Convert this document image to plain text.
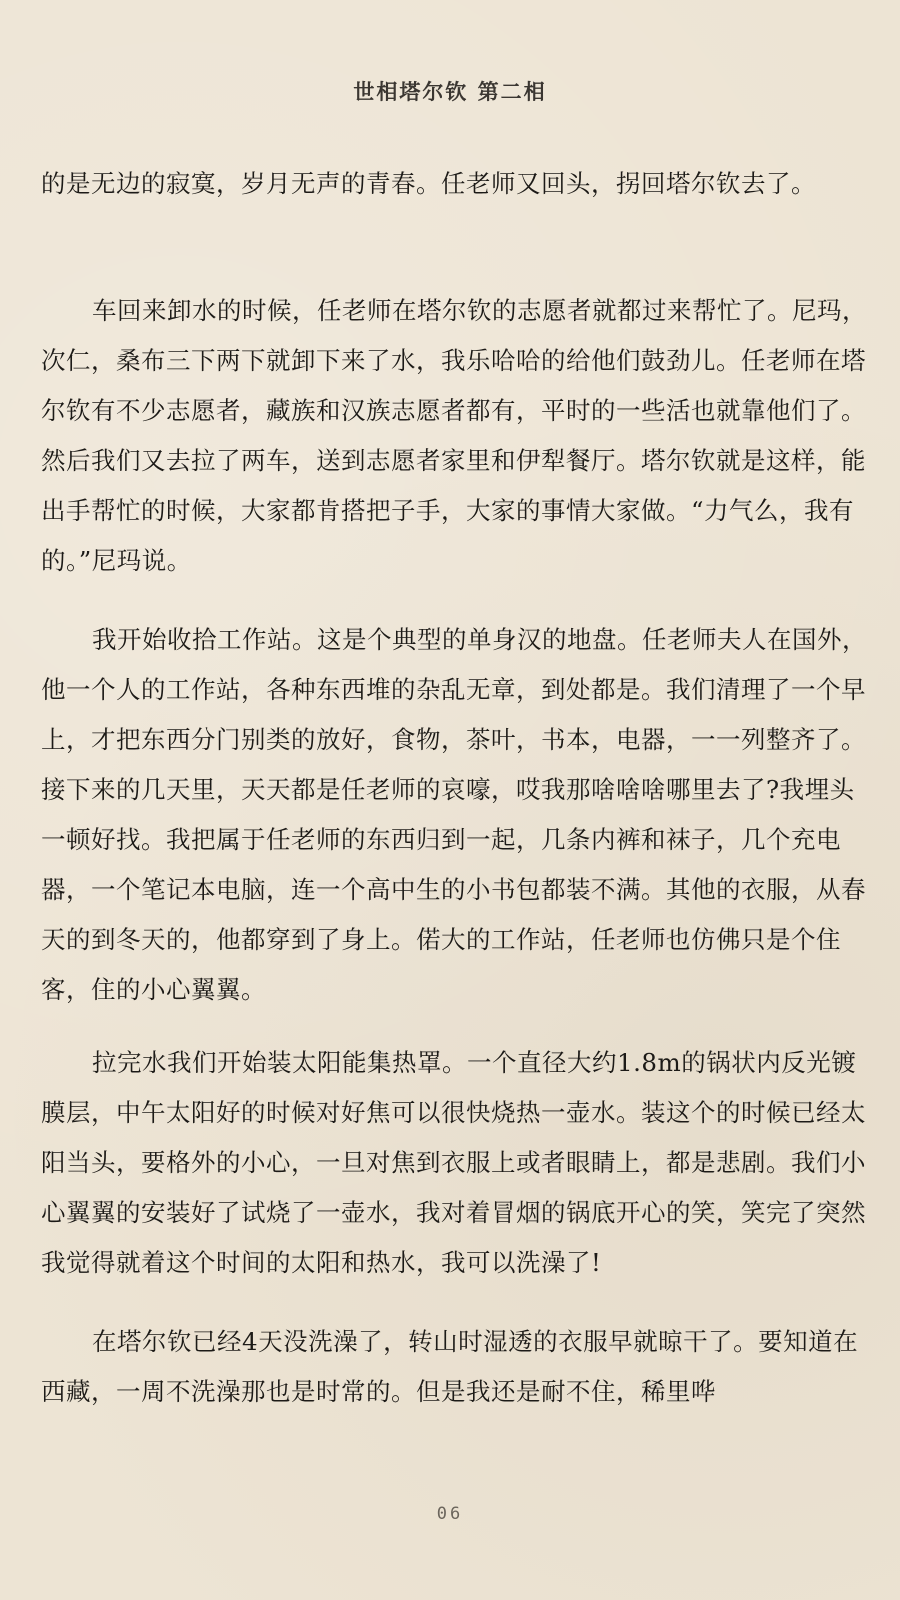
世相塔尔钦 第二相

的是无边的寂寞，岁月无声的青春。任老师又回头，拐回塔尔钦去了。

车回来卸水的时候，任老师在塔尔钦的志愿者就都过来帮忙了。尼玛，次仁，桑布三下两下就卸下来了水，我乐哈哈的给他们鼓劲儿。任老师在塔尔钦有不少志愿者，藏族和汉族志愿者都有，平时的一些活也就靠他们了。然后我们又去拉了两车，送到志愿者家里和伊犁餐厅。塔尔钦就是这样，能出手帮忙的时候，大家都肯搭把子手，大家的事情大家做。“力气么，我有的。”尼玛说。

我开始收拾工作站。这是个典型的单身汉的地盘。任老师夫人在国外，他一个人的工作站，各种东西堆的杂乱无章，到处都是。我们清理了一个早上，才把东西分门别类的放好，食物，茶叶，书本，电器，一一列整齐了。接下来的几天里，天天都是任老师的哀嚎，哎我那啥啥啥哪里去了?我埋头一顿好找。我把属于任老师的东西归到一起，几条内裤和袜子，几个充电器，一个笔记本电脑，连一个高中生的小书包都装不满。其他的衣服，从春天的到冬天的，他都穿到了身上。偌大的工作站，任老师也仿佛只是个住客，住的小心翼翼。

拉完水我们开始装太阳能集热罩。一个直径大约1.8m的锅状内反光镀膜层，中午太阳好的时候对好焦可以很快烧热一壶水。装这个的时候已经太阳当头，要格外的小心，一旦对焦到衣服上或者眼睛上，都是悲剧。我们小心翼翼的安装好了试烧了一壶水，我对着冒烟的锅底开心的笑，笑完了突然我觉得就着这个时间的太阳和热水，我可以洗澡了!

在塔尔钦已经4天没洗澡了，转山时湿透的衣服早就晾干了。要知道在西藏，一周不洗澡那也是时常的。但是我还是耐不住，稀里哗

06
